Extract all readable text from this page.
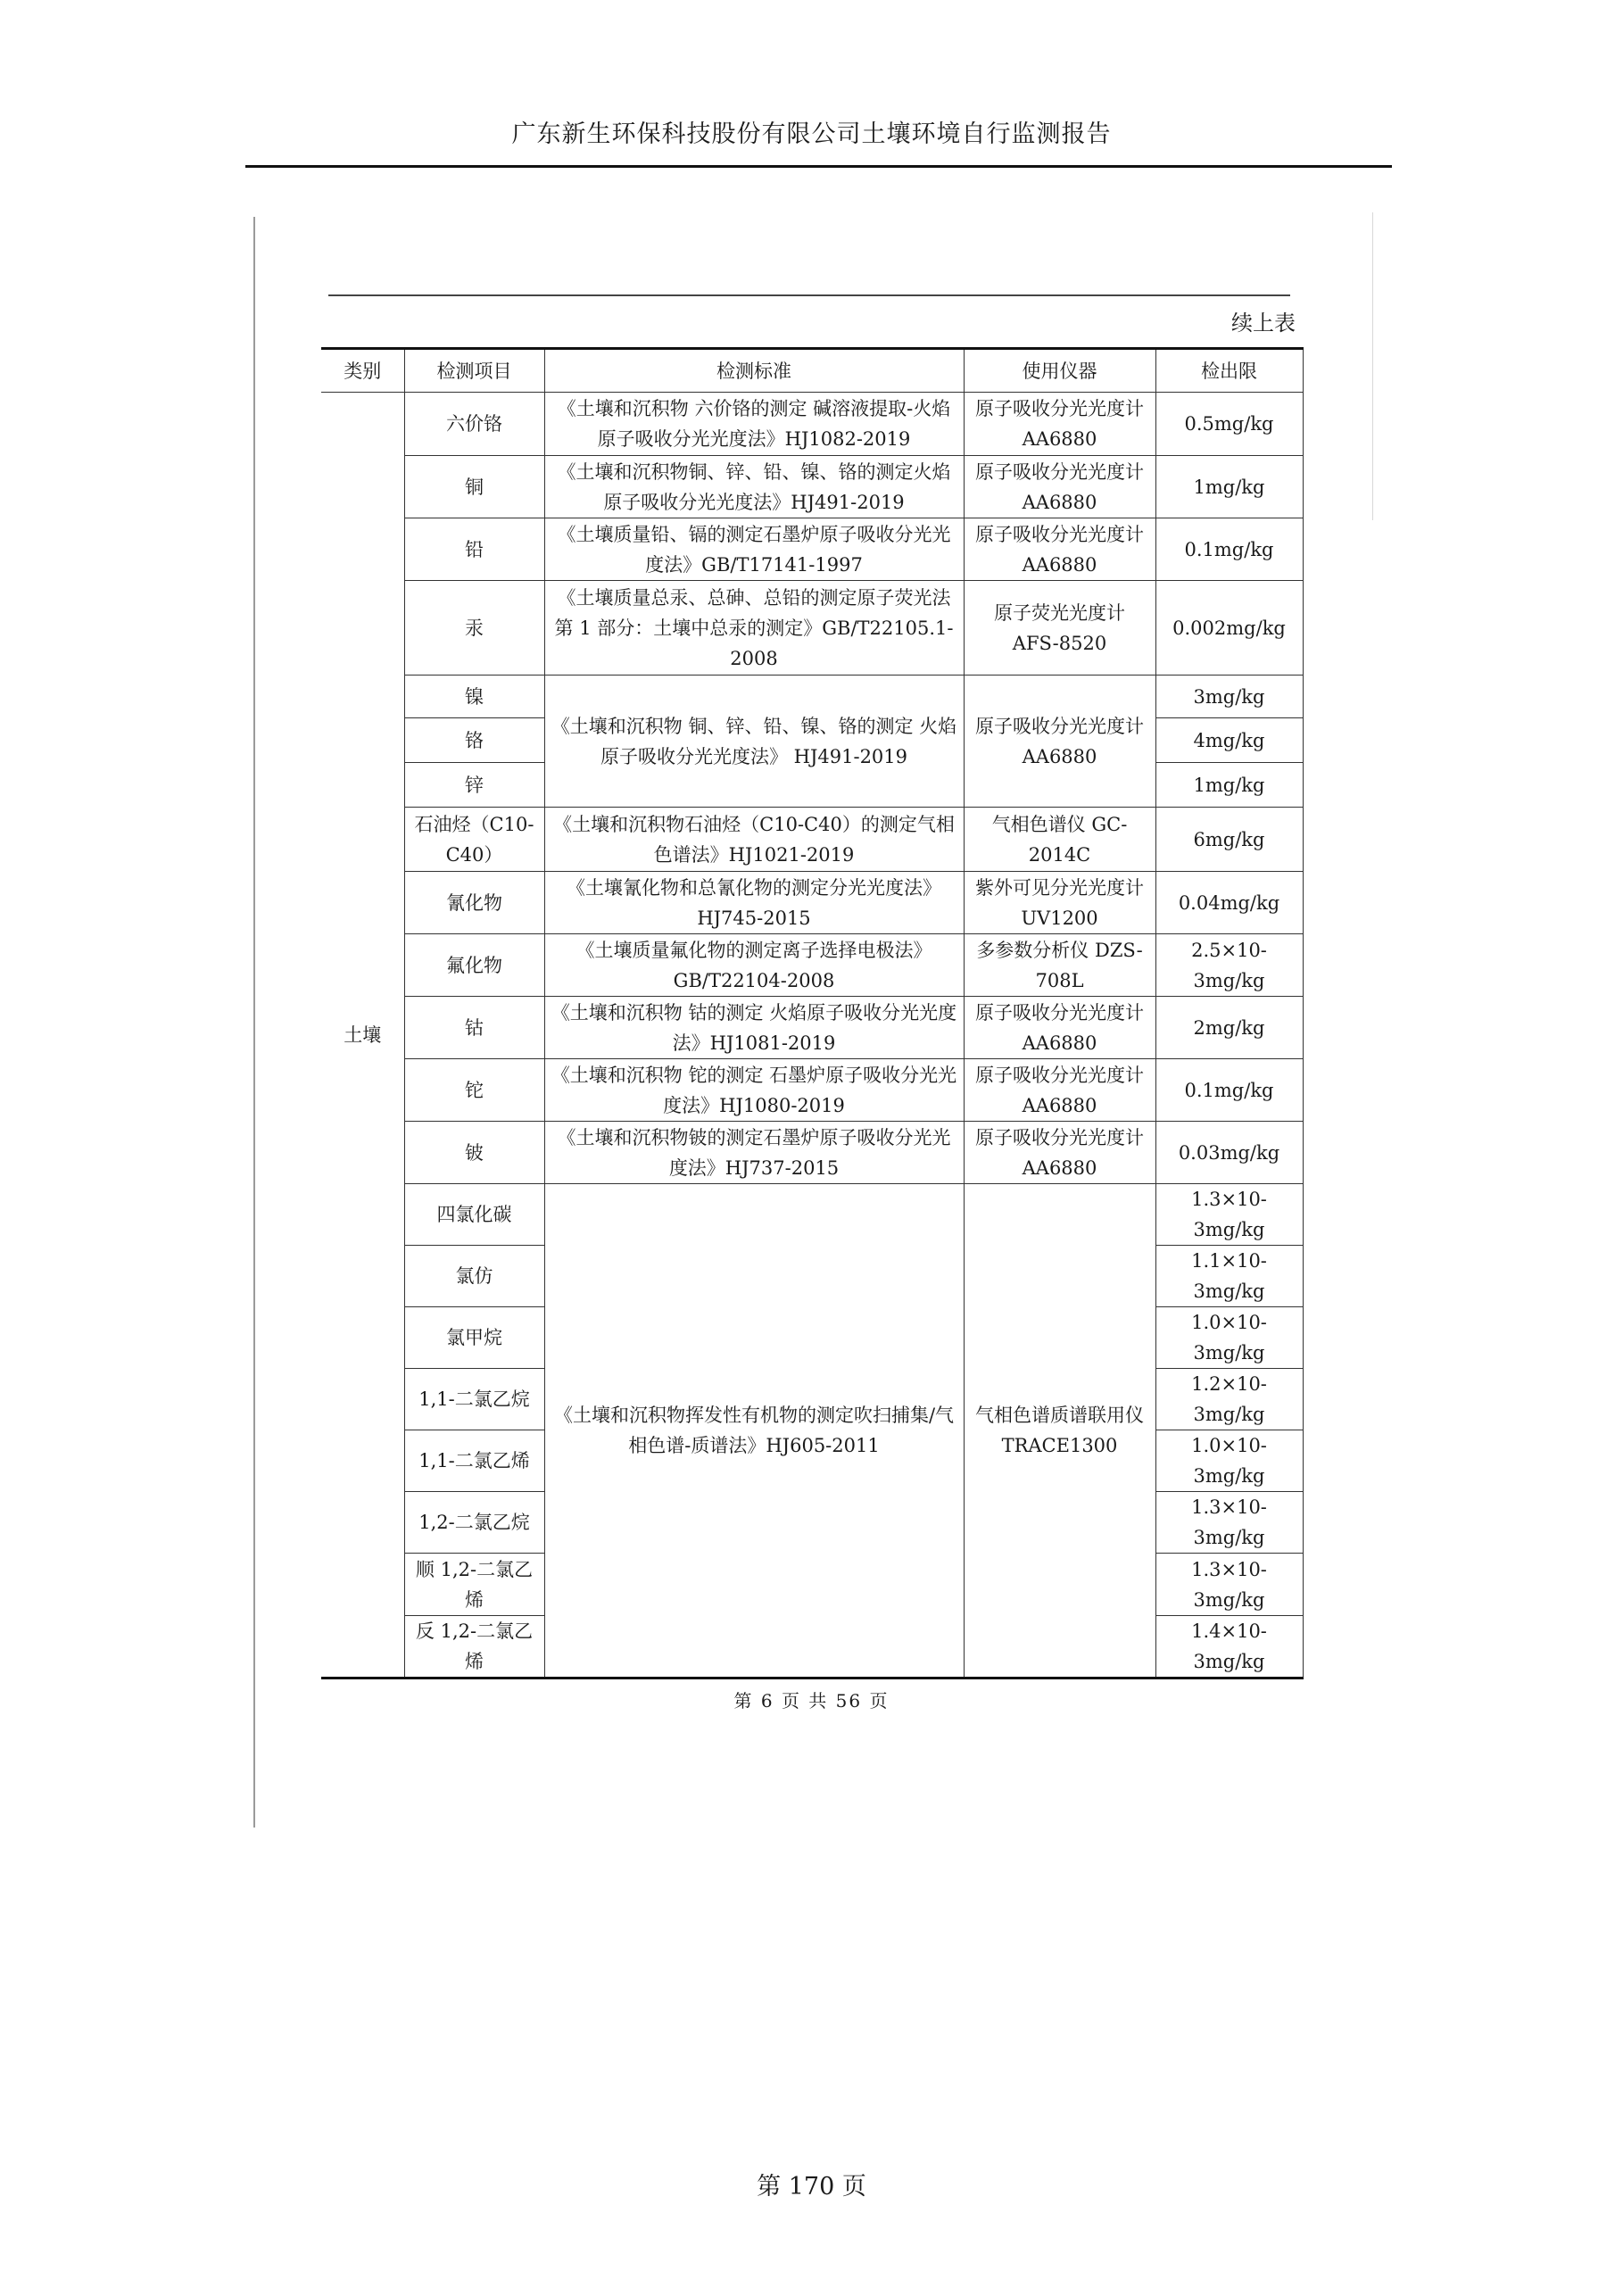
广东新生环保科技股份有限公司土壤环境自行监测报告
续上表
类别	检测项目	检测标准	使用仪器	检出限
土壤	六价铬	《土壤和沉积物 六价铬的测定 碱溶液提取-火焰原子吸收分光光度法》HJ1082-2019	原子吸收分光光度计 AA6880	0.5mg/kg
	铜	《土壤和沉积物铜、锌、铅、镍、铬的测定火焰原子吸收分光光度法》HJ491-2019	原子吸收分光光度计 AA6880	1mg/kg
	铅	《土壤质量铅、镉的测定石墨炉原子吸收分光光度法》GB/T17141-1997	原子吸收分光光度计 AA6880	0.1mg/kg
	汞	《土壤质量总汞、总砷、总铅的测定原子荧光法第 1 部分：土壤中总汞的测定》GB/T22105.1-2008	原子荧光光度计 AFS-8520	0.002mg/kg
	镍	《土壤和沉积物 铜、锌、铅、镍、铬的测定 火焰原子吸收分光光度法》 HJ491-2019	原子吸收分光光度计 AA6880	3mg/kg
	铬			4mg/kg
	锌			1mg/kg
	石油烃（C10-C40）	《土壤和沉积物石油烃（C10-C40）的测定气相色谱法》HJ1021-2019	气相色谱仪 GC-2014C	6mg/kg
	氰化物	《土壤氰化物和总氰化物的测定分光光度法》HJ745-2015	紫外可见分光光度计 UV1200	0.04mg/kg
	氟化物	《土壤质量氟化物的测定离子选择电极法》GB/T22104-2008	多参数分析仪 DZS-708L	2.5×10-3mg/kg
	钴	《土壤和沉积物 钴的测定 火焰原子吸收分光光度法》HJ1081-2019	原子吸收分光光度计 AA6880	2mg/kg
	铊	《土壤和沉积物 铊的测定 石墨炉原子吸收分光光度法》HJ1080-2019	原子吸收分光光度计 AA6880	0.1mg/kg
	铍	《土壤和沉积物铍的测定石墨炉原子吸收分光光度法》HJ737-2015	原子吸收分光光度计 AA6880	0.03mg/kg
	四氯化碳	《土壤和沉积物挥发性有机物的测定吹扫捕集/气相色谱-质谱法》HJ605-2011	气相色谱质谱联用仪 TRACE1300	1.3×10-3mg/kg
	氯仿			1.1×10-3mg/kg
	氯甲烷			1.0×10-3mg/kg
	1,1-二氯乙烷			1.2×10-3mg/kg
	1,1-二氯乙烯			1.0×10-3mg/kg
	1,2-二氯乙烷			1.3×10-3mg/kg
	顺 1,2-二氯乙烯			1.3×10-3mg/kg
	反 1,2-二氯乙烯			1.4×10-3mg/kg
第 6 页 共 56 页
第 170 页
